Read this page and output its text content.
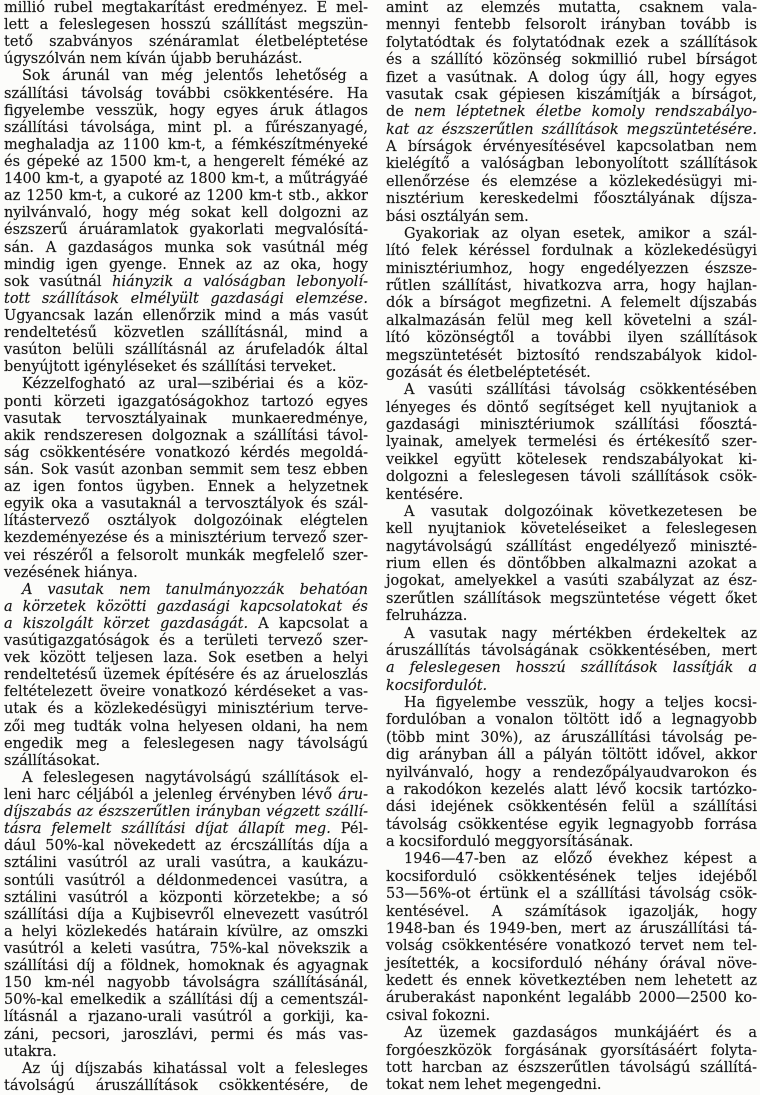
millió rubel megtakarítást eredményez. E mel-
lett a feleslegesen hosszú szállítást megszün-
tető szabványos szénáramlat életbeléptetése
úgyszólván nem kíván újabb beruházást.
Sok árunál van még jelentős lehetőség a
szállítási távolság további csökkentésére. Ha
figyelembe vesszük, hogy egyes áruk átlagos
szállítási távolsága, mint pl. a fűrészanyagé,
meghaladja az 1100 km-t, a fémkészítményeké
és gépeké az 1500 km-t, a hengerelt féméké az
1400 km-t, a gyapoté az 1800 km-t, a műtrágyáé
az 1250 km-t, a cukoré az 1200 km-t stb., akkor
nyilvánvaló, hogy még sokat kell dolgozni az
észszerű áruáramlatok gyakorlati megvalósítá-
sán. A gazdaságos munka sok vasútnál még
mindig igen gyenge. Ennek az az oka, hogy
sok vasútnál hiányzik a valóságban lebonyolí-
tott szállítások elmélyült gazdasági elemzése.
Ugyancsak lazán ellenőrzik mind a más vasút
rendeltetésű közvetlen szállításnál, mind a
vasúton belüli szállításnál az árufeladók által
benyújtott igényléseket és szállítási terveket.
Kézzelfogható az ural—szibériai és a köz-
ponti körzeti igazgatóságokhoz tartozó egyes
vasutak tervosztályainak munkaeredménye,
akik rendszeresen dolgoznak a szállítási távol-
ság csökkentésére vonatkozó kérdés megoldá-
sán. Sok vasút azonban semmit sem tesz ebben
az igen fontos ügyben. Ennek a helyzetnek
egyik oka a vasutaknál a tervosztályok és szál-
lítástervező osztályok dolgozóinak elégtelen
kezdeményezése és a minisztérium tervező szer-
vei részéről a felsorolt munkák megfelelő szer-
vezésének hiánya.
A vasutak nem tanulmányozzák behatóan
a körzetek közötti gazdasági kapcsolatokat és
a kiszolgált körzet gazdaságát. A kapcsolat a
vasútigazgatóságok és a területi tervező szer-
vek között teljesen laza. Sok esetben a helyi
rendeltetésű üzemek építésére és az árueloszlás
feltételezett öveire vonatkozó kérdéseket a vas-
utak és a közlekedésügyi minisztérium terve-
zői meg tudták volna helyesen oldani, ha nem
engedik meg a feleslegesen nagy távolságú
szállításokat.
A feleslegesen nagytávolságú szállítások el-
leni harc céljából a jelenleg érvényben lévő áru-
díjszabás az észszerűtlen irányban végzett szállí-
tásra felemelt szállítási díjat állapít meg. Pél-
dául 50%-kal növekedett az ércszállítás díja a
sztálini vasútról az urali vasútra, a kaukázu-
sontúli vasútról a déldonmedencei vasútra, a
sztálini vasútról a központi körzetekbe; a só
szállítási díja a Kujbisevről elnevezett vasútról
a helyi közlekedés határain kívülre, az omszki
vasútról a keleti vasútra, 75%-kal növekszik a
szállítási díj a földnek, homoknak és agyagnak
150 km-nél nagyobb távolságra szállításánál,
50%-kal emelkedik a szállítási díj a cementszál-
lításnál a rjazano-urali vasútról a gorkiji, ka-
záni, pecsori, jaroszlávi, permi és más vas-
utakra.
Az új díjszabás kihatással volt a felesleges
távolságú áruszállítások csökkentésére, de
amint az elemzés mutatta, csaknem vala-
mennyi fentebb felsorolt irányban tovább is
folytatódtak és folytatódnak ezek a szállítások
és a szállító közönség sokmillió rubel bírságot
fizet a vasútnak. A dolog úgy áll, hogy egyes
vasutak csak gépiesen kiszámítják a bírságot,
de nem léptetnek életbe komoly rendszabályo-
kat az észszerűtlen szállítások megszüntetésére.
A bírságok érvényesítésével kapcsolatban nem
kielégítő a valóságban lebonyolított szállítások
ellenőrzése és elemzése a közlekedésügyi mi-
nisztérium kereskedelmi főosztályának díjsza-
bási osztályán sem.
Gyakoriak az olyan esetek, amikor a szál-
lító felek kéréssel fordulnak a közlekedésügyi
minisztériumhoz, hogy engedélyezzen észsze-
rűtlen szállítást, hivatkozva arra, hogy hajlan-
dók a bírságot megfizetni. A felemelt díjszabás
alkalmazásán felül meg kell követelni a szál-
lító közönségtől a további ilyen szállítások
megszüntetését biztosító rendszabályok kidol-
gozását és életbeléptetését.
A vasúti szállítási távolság csökkentésében
lényeges és döntő segítséget kell nyujtaniok a
gazdasági minisztériumok szállítási főosztá-
lyainak, amelyek termelési és értékesítő szer-
veikkel együtt kötelesek rendszabályokat ki-
dolgozni a feleslegesen távoli szállítások csök-
kentésére.
A vasutak dolgozóinak következetesen be
kell nyujtaniok követeléseiket a feleslegesen
nagytávolságú szállítást engedélyező miniszté-
rium ellen és döntőbben alkalmazni azokat a
jogokat, amelyekkel a vasúti szabályzat az ész-
szerűtlen szállítások megszüntetése végett őket
felruházza.
A vasutak nagy mértékben érdekeltek az
áruszállítás távolságának csökkentésében, mert
a feleslegesen hosszú szállítások lassítják a
kocsifordulót.
Ha figyelembe vesszük, hogy a teljes kocsi-
fordulóban a vonalon töltött idő a legnagyobb
(több mint 30%), az áruszállítási távolság pe-
dig arányban áll a pályán töltött idővel, akkor
nyilvánvaló, hogy a rendezőpályaudvarokon és
a rakodókon kezelés alatt lévő kocsik tartózko-
dási idejének csökkentésén felül a szállítási
távolság csökkentése egyik legnagyobb forrása
a kocsiforduló meggyorsításának.
1946—47-ben az előző évekhez képest a
kocsiforduló csökkentésének teljes idejéből
53—56%-ot értünk el a szállítási távolság csök-
kentésével. A számítások igazolják, hogy
1948-ban és 1949-ben, mert az áruszállítási tá-
volság csökkentésére vonatkozó tervet nem tel-
jesítették, a kocsiforduló néhány órával növe-
kedett és ennek következtében nem lehetett az
áruberakást naponként legalább 2000—2500 ko-
csival fokozni.
Az üzemek gazdaságos munkájáért és a
forgóeszközök forgásának gyorsításáért folyta-
tott harcban az észszerűtlen távolságú szállítá-
tokat nem lehet megengedni.
